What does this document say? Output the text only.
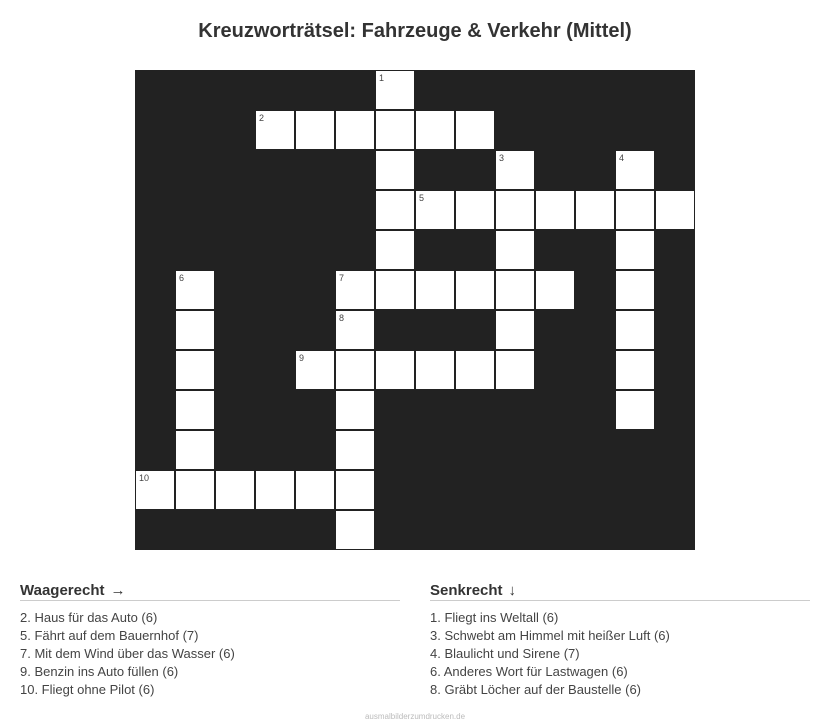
Kreuzworträtsel: Fahrzeuge & Verkehr (Mittel)
1
2
3	4
5
6	7
8
9
10
Waagerecht →
2. Haus für das Auto (6)
5. Fährt auf dem Bauernhof (7)
7. Mit dem Wind über das Wasser (6)
9. Benzin ins Auto füllen (6)
10. Fliegt ohne Pilot (6)
Senkrecht ↓
1. Fliegt ins Weltall (6)
3. Schwebt am Himmel mit heißer Luft (6)
4. Blaulicht und Sirene (7)
6. Anderes Wort für Lastwagen (6)
8. Gräbt Löcher auf der Baustelle (6)
ausmalbilderzumdrucken.de
